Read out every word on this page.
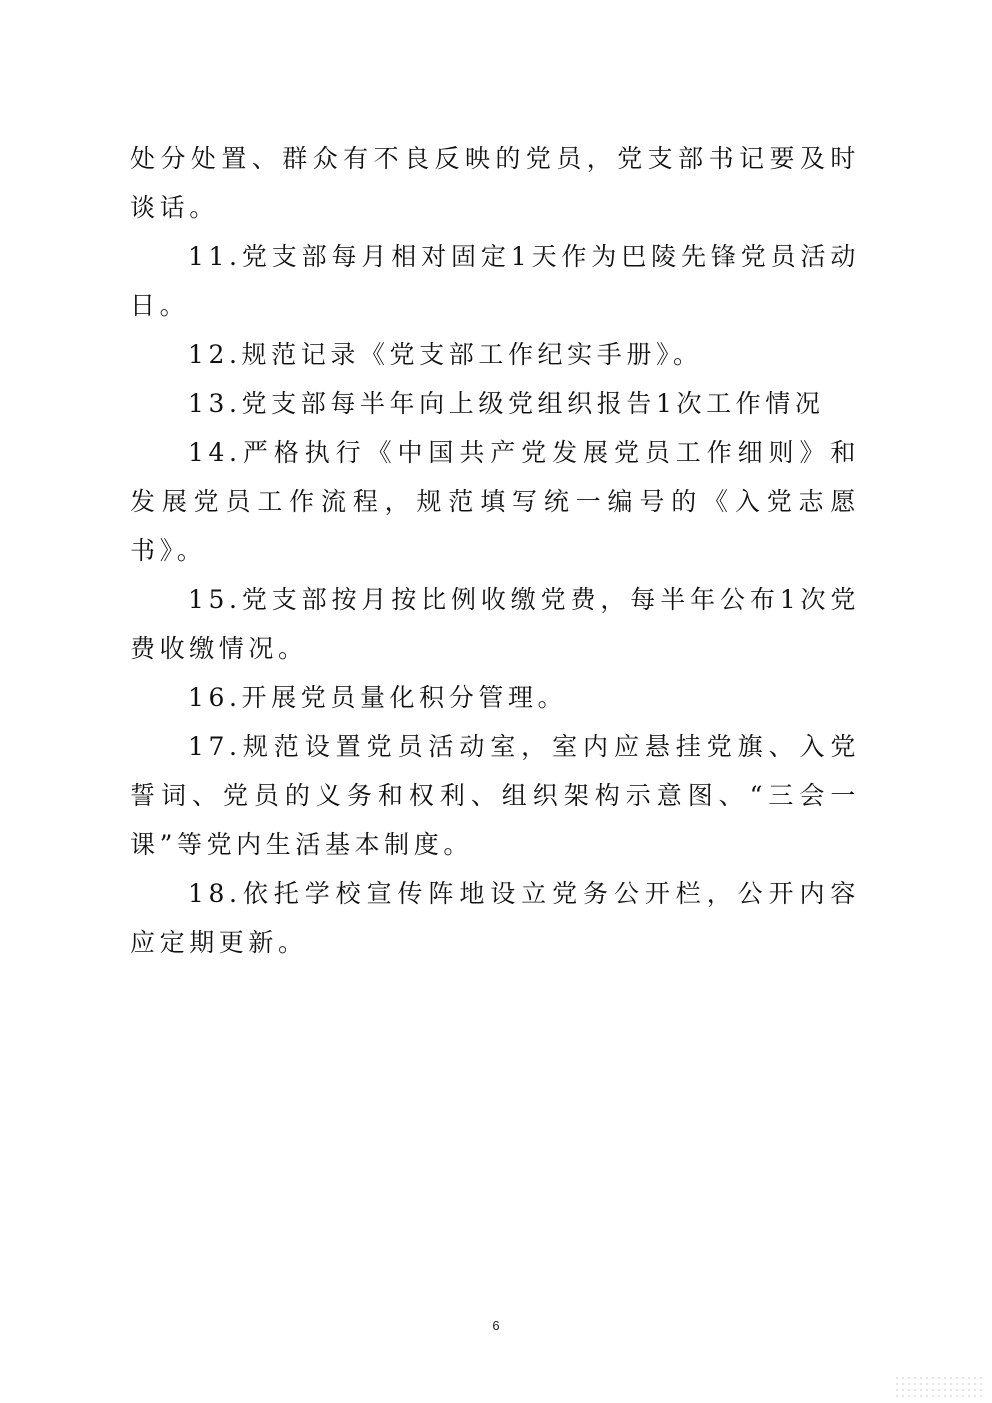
处分处置、群众有不良反映的党员，党支部书记要及时谈话。

11.党支部每月相对固定1天作为巴陵先锋党员活动日。

12.规范记录《党支部工作纪实手册》。

13.党支部每半年向上级党组织报告1次工作情况

14.严格执行《中国共产党发展党员工作细则》和发展党员工作流程，规范填写统一编号的《入党志愿书》。

15.党支部按月按比例收缴党费，每半年公布1次党费收缴情况。

16.开展党员量化积分管理。

17.规范设置党员活动室，室内应悬挂党旗、入党誓词、党员的义务和权利、组织架构示意图、“三会一课”等党内生活基本制度。

18.依托学校宣传阵地设立党务公开栏，公开内容应定期更新。

6
